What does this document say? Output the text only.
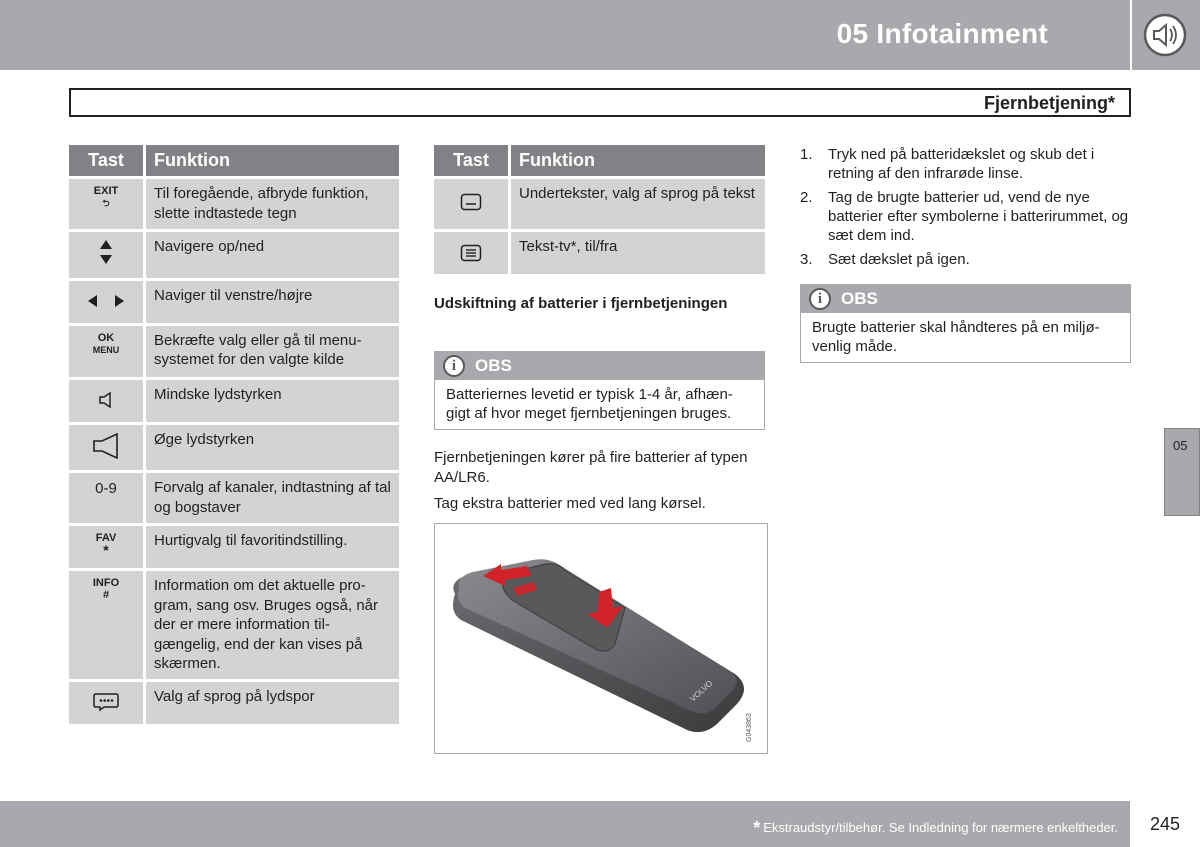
05 Infotainment
Fjernbetjening*
Tast	Funktion
EXIT
⮌	Til foregående, afbryde funktion, slette indtastede tegn
	Navigere op/ned
	Naviger til venstre/højre
OK
MENU	Bekræfte valg eller gå til menu-systemet for den valgte kilde
	Mindske lydstyrken
	Øge lydstyrken
0-9	Forvalg af kanaler, indtastning af tal og bogstaver
FAV
*	Hurtigvalg til favoritindstilling.
INFO
#	Information om det aktuelle pro-gram, sang osv. Bruges også, når der er mere information til-gængelig, end der kan vises på skærmen.
	Valg af sprog på lydspor
Tast	Funktion
	Undertekster, valg af sprog på tekst
	Tekst-tv*, til/fra
Udskiftning af batterier i fjernbetjeningen
i	OBS
Batteriernes levetid er typisk 1-4 år, afhæn-gigt af hvor meget fjernbetjeningen bruges.
Fjernbetjeningen kører på fire batterier af typen AA/LR6.
Tag ekstra batterier med ved lang kørsel.
VOLVO
G043863
1. Tryk ned på batteridækslet og skub det i retning af den infrarøde linse.
2. Tag de brugte batterier ud, vend de nye batterier efter symbolerne i batterirummet, og sæt dem ind.
3. Sæt dækslet på igen.
i	OBS
Brugte batterier skal håndteres på en miljø-venlig måde.
05
* Ekstraudstyr/tilbehør. Se Indledning for nærmere enkeltheder. 245
